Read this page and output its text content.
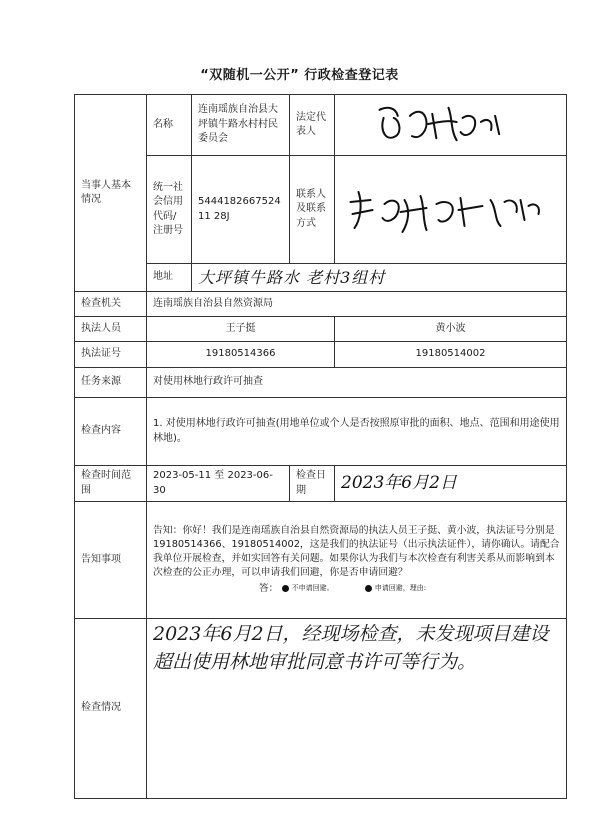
“双随机一公开” 行政检查登记表
当事人基本情况	名称	连南瑶族自治县大坪镇牛路水村村民委员会	法定代表人	

	统一社会信用代码/注册号	544418266752411 28J	联系人及联系方式	

	地址	大坪镇牛路水 老村3组村		
检查机关	连南瑶族自治县自然资源局			
执法人员	王子挺			黄小波
执法证号	19180514366			19180514002
任务来源	对使用林地行政许可抽查			
检查内容	1. 对使用林地行政许可抽查(用地单位或个人是否按照原审批的面积、地点、范围和用途使用林地)。			
检查时间范围	2023-05-11 至 2023-06-30		检查日期	2023年6月2日
告知事项	告知：你好！我们是连南瑶族自治县自然资源局的执法人员王子挺、黄小波，执法证号分别是 19180514366、19180514002，这是我们的执法证号（出示执法证件），请你确认。请配合我单位开展检查，并如实回答有关问题。如果你认为我们与本次检查有利害关系从而影响到本次检查的公正办理，可以申请我们回避，你是否申请回避？
答： 不申请回避。
申请回避，理由:			

检查情况	2023年6月2日，经现场检查，未发现项目建设超出使用林地审批同意书许可等行为。			
